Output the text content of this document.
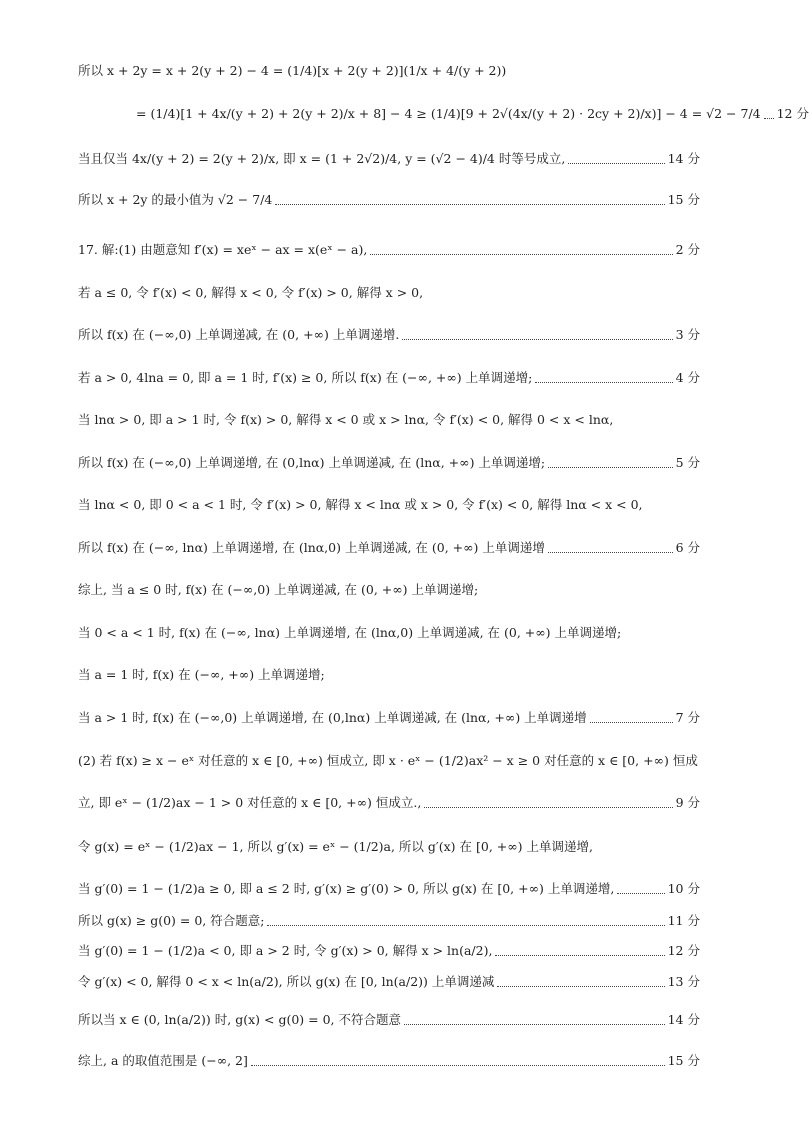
所以 x + 2y = x + 2(y + 2) − 4 = (1/4)[x + 2(y + 2)](1/x + 4/(y + 2))
= (1/4)[1 + 4x/(y + 2) + 2(y + 2)/x + 8] − 4 ≥ (1/4)[9 + 2√(4x/(y + 2) · 2cy + 2)/x)] − 4 = √2 − 7/4 12 分
当且仅当 4x/(y + 2) = 2(y + 2)/x, 即 x = (1 + 2√2)/4, y = (√2 − 4)/4 时等号成立,	14 分
所以 x + 2y 的最小值为 √2 − 7/4	15 分
17. 解:(1) 由题意知 f′(x) = xeˣ − ax = x(eˣ − a),	2 分
若 a ≤ 0, 令 f′(x) < 0, 解得 x < 0, 令 f′(x) > 0, 解得 x > 0,
所以 f(x) 在 (−∞,0) 上单调递减, 在 (0, +∞) 上单调递增.	3 分
若 a > 0, 4lna = 0, 即 a = 1 时, f′(x) ≥ 0, 所以 f(x) 在 (−∞, +∞) 上单调递增;	4 分
当 lnα > 0, 即 a > 1 时, 令 f(x) > 0, 解得 x < 0 或 x > lnα, 令 f′(x) < 0, 解得 0 < x < lnα,
所以 f(x) 在 (−∞,0) 上单调递增, 在 (0,lnα) 上单调递减, 在 (lnα, +∞) 上单调递增;	5 分
当 lnα < 0, 即 0 < a < 1 时, 令 f′(x) > 0, 解得 x < lnα 或 x > 0, 令 f′(x) < 0, 解得 lnα < x < 0,
所以 f(x) 在 (−∞, lnα) 上单调递增, 在 (lnα,0) 上单调递减, 在 (0, +∞) 上单调递增	6 分
综上, 当 a ≤ 0 时, f(x) 在 (−∞,0) 上单调递减, 在 (0, +∞) 上单调递增;
当 0 < a < 1 时, f(x) 在 (−∞, lnα) 上单调递增, 在 (lnα,0) 上单调递减, 在 (0, +∞) 上单调递增;
当 a = 1 时, f(x) 在 (−∞, +∞) 上单调递增;
当 a > 1 时, f(x) 在 (−∞,0) 上单调递增, 在 (0,lnα) 上单调递减, 在 (lnα, +∞) 上单调递增	7 分
(2) 若 f(x) ≥ x − eˣ 对任意的 x ∈ [0, +∞) 恒成立, 即 x · eˣ − (1/2)ax² − x ≥ 0 对任意的 x ∈ [0, +∞) 恒成
立, 即 eˣ − (1/2)ax − 1 > 0 对任意的 x ∈ [0, +∞) 恒成立.,	9 分
令 g(x) = eˣ − (1/2)ax − 1, 所以 g′(x) = eˣ − (1/2)a, 所以 g′(x) 在 [0, +∞) 上单调递增,
当 g′(0) = 1 − (1/2)a ≥ 0, 即 a ≤ 2 时, g′(x) ≥ g′(0) > 0, 所以 g(x) 在 [0, +∞) 上单调递增,	10 分
所以 g(x) ≥ g(0) = 0, 符合题意;	11 分
当 g′(0) = 1 − (1/2)a < 0, 即 a > 2 时, 令 g′(x) > 0, 解得 x > ln(a/2),	12 分
令 g′(x) < 0, 解得 0 < x < ln(a/2), 所以 g(x) 在 [0, ln(a/2)) 上单调递减	13 分
所以当 x ∈ (0, ln(a/2)) 时, g(x) < g(0) = 0, 不符合题意	14 分
综上, a 的取值范围是 (−∞, 2]	15 分
